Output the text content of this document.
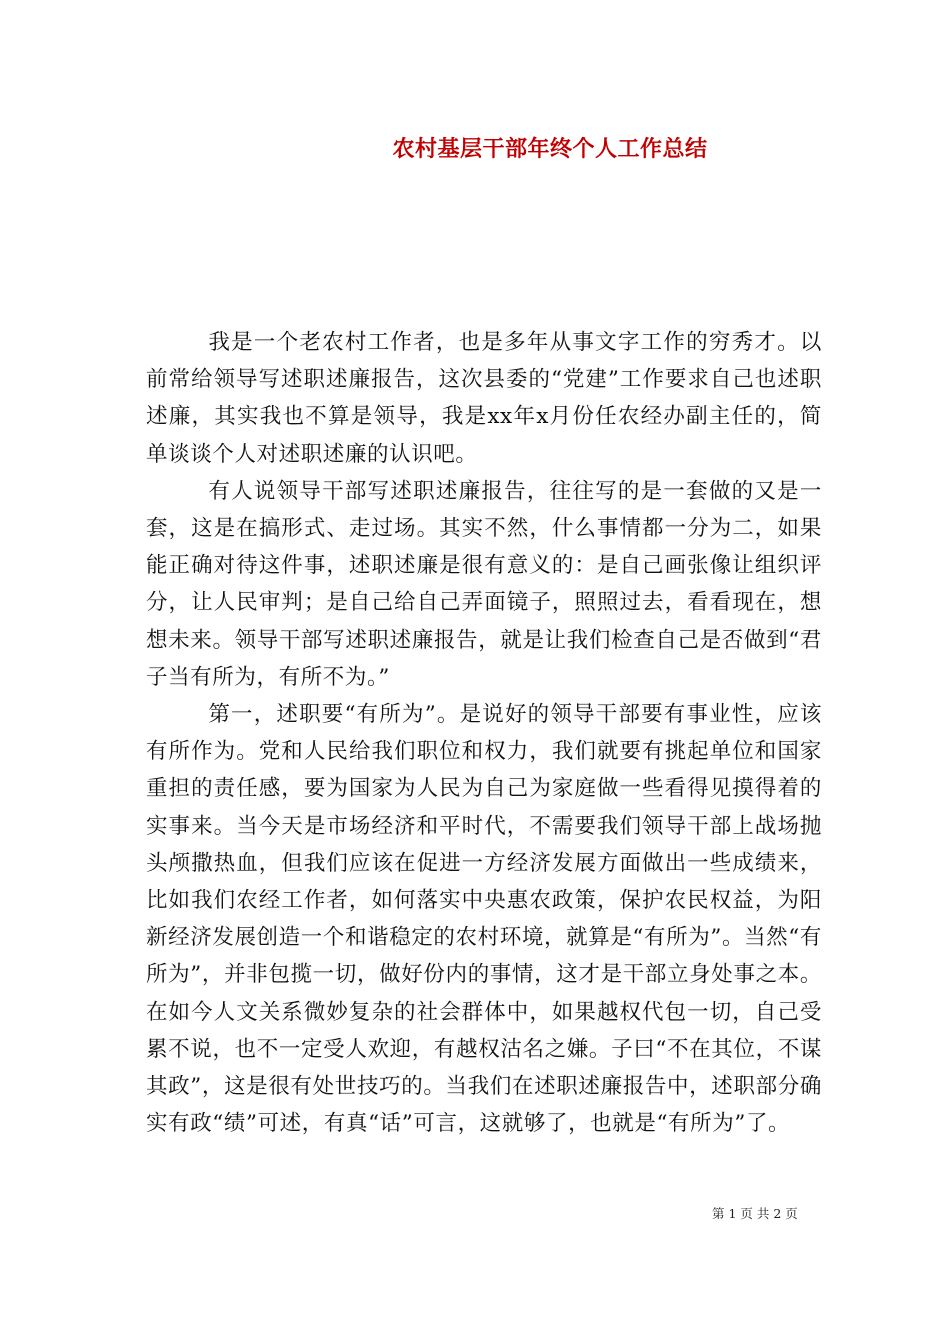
农村基层干部年终个人工作总结

我是一个老农村工作者，也是多年从事文字工作的穷秀才。以前常给领导写述职述廉报告，这次县委的“党建”工作要求自己也述职述廉，其实我也不算是领导，我是xx年x月份任农经办副主任的，简单谈谈个人对述职述廉的认识吧。

有人说领导干部写述职述廉报告，往往写的是一套做的又是一套，这是在搞形式、走过场。其实不然，什么事情都一分为二，如果能正确对待这件事，述职述廉是很有意义的：是自己画张像让组织评分，让人民审判；是自己给自己弄面镜子，照照过去，看看现在，想想未来。领导干部写述职述廉报告，就是让我们检查自己是否做到“君子当有所为，有所不为。”

第一，述职要“有所为”。是说好的领导干部要有事业性，应该有所作为。党和人民给我们职位和权力，我们就要有挑起单位和国家重担的责任感，要为国家为人民为自己为家庭做一些看得见摸得着的实事来。当今天是市场经济和平时代，不需要我们领导干部上战场抛头颅撒热血，但我们应该在促进一方经济发展方面做出一些成绩来，比如我们农经工作者，如何落实中央惠农政策，保护农民权益，为阳新经济发展创造一个和谐稳定的农村环境，就算是“有所为”。当然“有所为”，并非包揽一切，做好份内的事情，这才是干部立身处事之本。在如今人文关系微妙复杂的社会群体中，如果越权代包一切，自己受累不说，也不一定受人欢迎，有越权沽名之嫌。子曰“不在其位，不谋其政”，这是很有处世技巧的。当我们在述职述廉报告中，述职部分确实有政“绩”可述，有真“话”可言，这就够了，也就是“有所为”了。

第 1 页 共 2 页
